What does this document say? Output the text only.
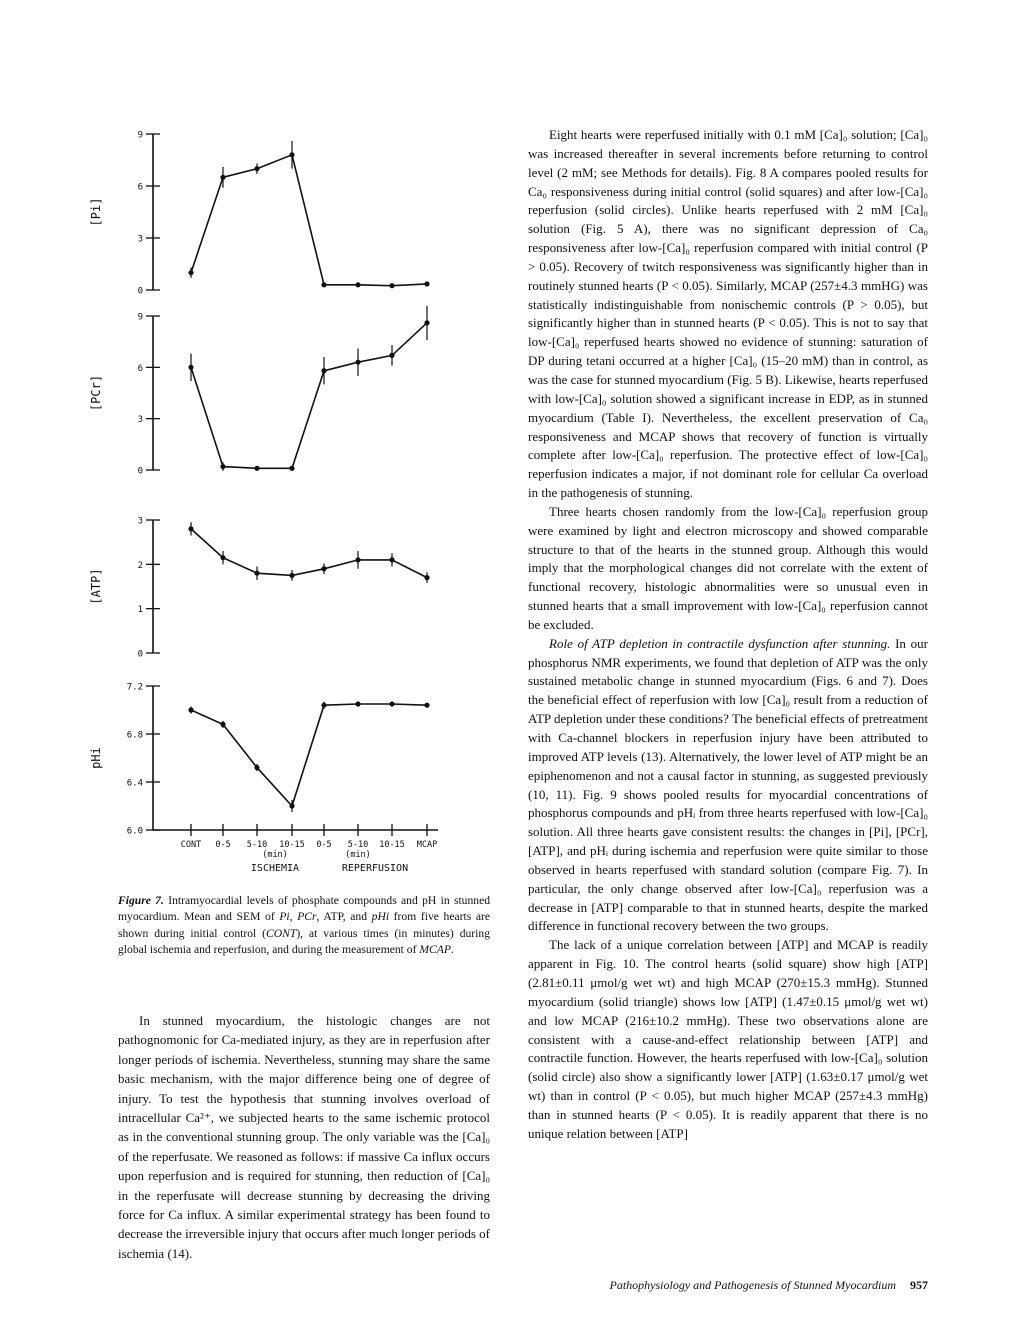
9
6
3
0
[Pi]
9
6
3
0
[PCr]
3
2
1
0
[ATP]
7.2
6.8
6.4
6.0
pHi
CONT 0-5 5-10 10-15 0-5 5-10 10-15 MCAP
(min)	(min)
ISCHEMIA	REPERFUSION
Figure 7. Intramyocardial levels of phosphate compounds and pH in stunned myocardium. Mean and SEM of Pi, PCr, ATP, and pHi from five hearts are shown during initial control (CONT), at various times (in minutes) during global ischemia and reperfusion, and during the measurement of MCAP.

In stunned myocardium, the histologic changes are not pathognomonic for Ca-mediated injury, as they are in reperfusion after longer periods of ischemia. Nevertheless, stunning may share the same basic mechanism, with the major difference being one of degree of injury. To test the hypothesis that stunning involves overload of intracellular Ca²⁺, we subjected hearts to the same ischemic protocol as in the conventional stunning group. The only variable was the [Ca]₀ of the reperfusate. We reasoned as follows: if massive Ca influx occurs upon reperfusion and is required for stunning, then reduction of [Ca]₀ in the reperfusate will decrease stunning by decreasing the driving force for Ca influx. A similar experimental strategy has been found to decrease the irreversible injury that occurs after much longer periods of ischemia (14).

Eight hearts were reperfused initially with 0.1 mM [Ca]₀ solution; [Ca]₀ was increased thereafter in several increments before returning to control level (2 mM; see Methods for details). Fig. 8 A compares pooled results for Ca₀ responsiveness during initial control (solid squares) and after low-[Ca]₀ reperfusion (solid circles). Unlike hearts reperfused with 2 mM [Ca]₀ solution (Fig. 5 A), there was no significant depression of Ca₀ responsiveness after low-[Ca]₀ reperfusion compared with initial control (P > 0.05). Recovery of twitch responsiveness was significantly higher than in routinely stunned hearts (P < 0.05). Similarly, MCAP (257±4.3 mmHG) was statistically indistinguishable from nonischemic controls (P > 0.05), but significantly higher than in stunned hearts (P < 0.05). This is not to say that low-[Ca]₀ reperfused hearts showed no evidence of stunning: saturation of DP during tetani occurred at a higher [Ca]₀ (15–20 mM) than in control, as was the case for stunned myocardium (Fig. 5 B). Likewise, hearts reperfused with low-[Ca]₀ solution showed a significant increase in EDP, as in stunned myocardium (Table I). Nevertheless, the excellent preservation of Ca₀ responsiveness and MCAP shows that recovery of function is virtually complete after low-[Ca]₀ reperfusion. The protective effect of low-[Ca]₀ reperfusion indicates a major, if not dominant role for cellular Ca overload in the pathogenesis of stunning.

Three hearts chosen randomly from the low-[Ca]₀ reperfusion group were examined by light and electron microscopy and showed comparable structure to that of the hearts in the stunned group. Although this would imply that the morphological changes did not correlate with the extent of functional recovery, histologic abnormalities were so unusual even in stunned hearts that a small improvement with low-[Ca]₀ reperfusion cannot be excluded.

Role of ATP depletion in contractile dysfunction after stunning. In our phosphorus NMR experiments, we found that depletion of ATP was the only sustained metabolic change in stunned myocardium (Figs. 6 and 7). Does the beneficial effect of reperfusion with low [Ca]₀ result from a reduction of ATP depletion under these conditions? The beneficial effects of pretreatment with Ca-channel blockers in reperfusion injury have been attributed to improved ATP levels (13). Alternatively, the lower level of ATP might be an epiphenomenon and not a causal factor in stunning, as suggested previously (10, 11). Fig. 9 shows pooled results for myocardial concentrations of phosphorus compounds and pHᵢ from three hearts reperfused with low-[Ca]₀ solution. All three hearts gave consistent results: the changes in [Pi], [PCr], [ATP], and pHᵢ during ischemia and reperfusion were quite similar to those observed in hearts reperfused with standard solution (compare Fig. 7). In particular, the only change observed after low-[Ca]₀ reperfusion was a decrease in [ATP] comparable to that in stunned hearts, despite the marked difference in functional recovery between the two groups.

The lack of a unique correlation between [ATP] and MCAP is readily apparent in Fig. 10. The control hearts (solid square) show high [ATP] (2.81±0.11 μmol/g wet wt) and high MCAP (270±15.3 mmHg). Stunned myocardium (solid triangle) shows low [ATP] (1.47±0.15 μmol/g wet wt) and low MCAP (216±10.2 mmHg). These two observations alone are consistent with a cause-and-effect relationship between [ATP] and contractile function. However, the hearts reperfused with low-[Ca]₀ solution (solid circle) also show a significantly lower [ATP] (1.63±0.17 μmol/g wet wt) than in control (P < 0.05), but much higher MCAP (257±4.3 mmHg) than in stunned hearts (P < 0.05). It is readily apparent that there is no unique relation between [ATP]

Pathophysiology and Pathogenesis of Stunned Myocardium 957
